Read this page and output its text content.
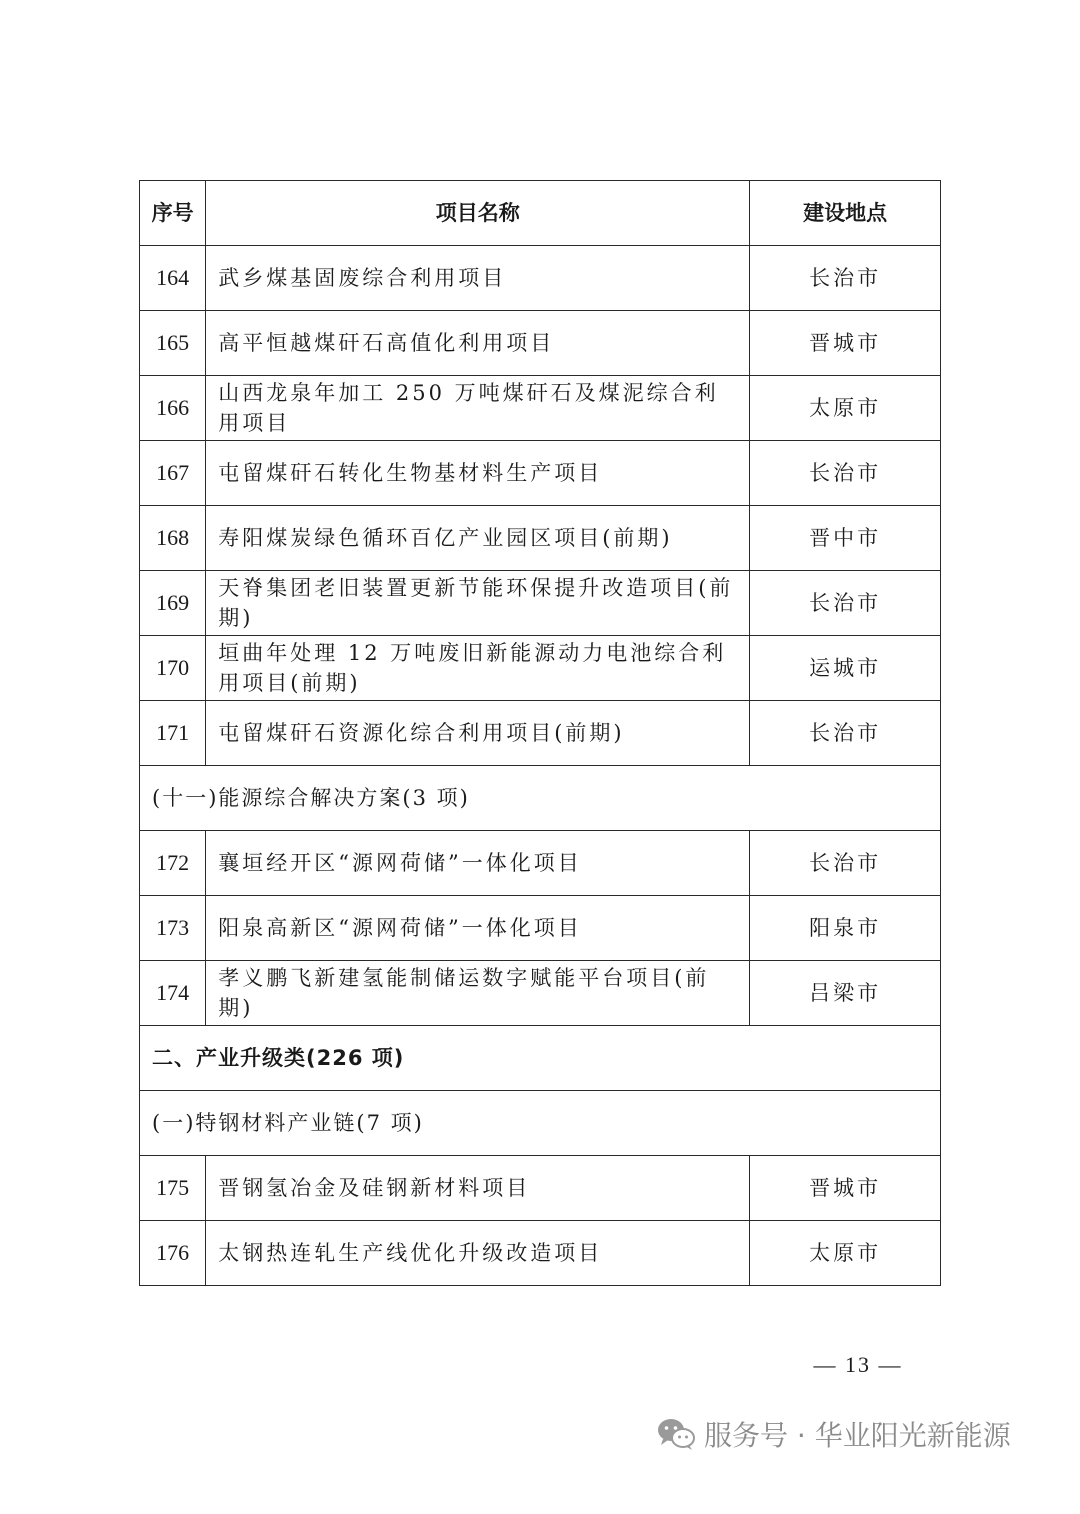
序号	项目名称	建设地点
164	武乡煤基固废综合利用项目	长治市
165	高平恒越煤矸石高值化利用项目	晋城市
166	山西龙泉年加工 250 万吨煤矸石及煤泥综合利用项目	太原市
167	屯留煤矸石转化生物基材料生产项目	长治市
168	寿阳煤炭绿色循环百亿产业园区项目(前期)	晋中市
169	天脊集团老旧装置更新节能环保提升改造项目(前期)	长治市
170	垣曲年处理 12 万吨废旧新能源动力电池综合利用项目(前期)	运城市
171	屯留煤矸石资源化综合利用项目(前期)	长治市
(十一)能源综合解决方案(3 项)		
172	襄垣经开区“源网荷储”一体化项目	长治市
173	阳泉高新区“源网荷储”一体化项目	阳泉市
174	孝义鹏飞新建氢能制储运数字赋能平台项目(前期)	吕梁市
二、产业升级类(226 项)		
(一)特钢材料产业链(7 项)		
175	晋钢氢冶金及硅钢新材料项目	晋城市
176	太钢热连轧生产线优化升级改造项目	太原市
— 13 —
服务号 · 华业阳光新能源
